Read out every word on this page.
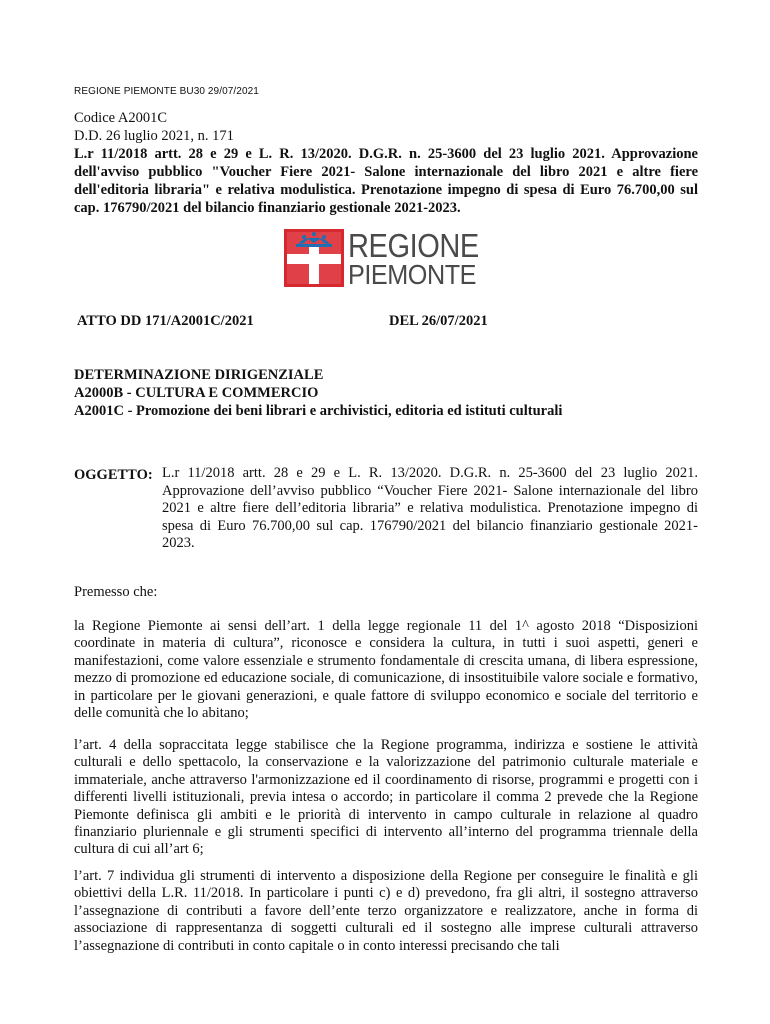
REGIONE PIEMONTE BU30 29/07/2021
Codice A2001C
D.D. 26 luglio 2021, n. 171
L.r 11/2018 artt. 28 e 29 e L. R. 13/2020. D.G.R. n. 25-3600 del 23 luglio 2021. Approvazione dell'avviso pubblico "Voucher Fiere 2021- Salone internazionale del libro 2021 e altre fiere dell'editoria libraria" e relativa modulistica. Prenotazione impegno di spesa di Euro 76.700,00 sul cap. 176790/2021 del bilancio finanziario gestionale 2021-2023.
REGIONE
PIEMONTE
ATTO DD 171/A2001C/2021	DEL 26/07/2021
DETERMINAZIONE DIRIGENZIALE
A2000B - CULTURA E COMMERCIO
A2001C - Promozione dei beni librari e archivistici, editoria ed istituti culturali
OGGETTO: L.r 11/2018 artt. 28 e 29 e L. R. 13/2020. D.G.R. n. 25-3600 del 23 luglio 2021. Approvazione dell’avviso pubblico “Voucher Fiere 2021- Salone internazionale del libro 2021 e altre fiere dell’editoria libraria” e relativa modulistica. Prenotazione impegno di spesa di Euro 76.700,00 sul cap. 176790/2021 del bilancio finanziario gestionale 2021-2023.
Premesso che:
la Regione Piemonte ai sensi dell’art. 1 della legge regionale 11 del 1^ agosto 2018 “Disposizioni coordinate in materia di cultura”, riconosce e considera la cultura, in tutti i suoi aspetti, generi e manifestazioni, come valore essenziale e strumento fondamentale di crescita umana, di libera espressione, mezzo di promozione ed educazione sociale, di comunicazione, di insostituibile valore sociale e formativo, in particolare per le giovani generazioni, e quale fattore di sviluppo economico e sociale del territorio e delle comunità che lo abitano;
l’art. 4 della sopraccitata legge stabilisce che la Regione programma, indirizza e sostiene le attività culturali e dello spettacolo, la conservazione e la valorizzazione del patrimonio culturale materiale e immateriale, anche attraverso l'armonizzazione ed il coordinamento di risorse, programmi e progetti con i differenti livelli istituzionali, previa intesa o accordo; in particolare il comma 2 prevede che la Regione Piemonte definisca gli ambiti e le priorità di intervento in campo culturale in relazione al quadro finanziario pluriennale e gli strumenti specifici di intervento all’interno del programma triennale della cultura di cui all’art 6;
l’art. 7 individua gli strumenti di intervento a disposizione della Regione per conseguire le finalità e gli obiettivi della L.R. 11/2018. In particolare i punti c) e d) prevedono, fra gli altri, il sostegno attraverso l’assegnazione di contributi a favore dell’ente terzo organizzatore e realizzatore, anche in forma di associazione di rappresentanza di soggetti culturali ed il sostegno alle imprese culturali attraverso l’assegnazione di contributi in conto capitale o in conto interessi precisando che tali
